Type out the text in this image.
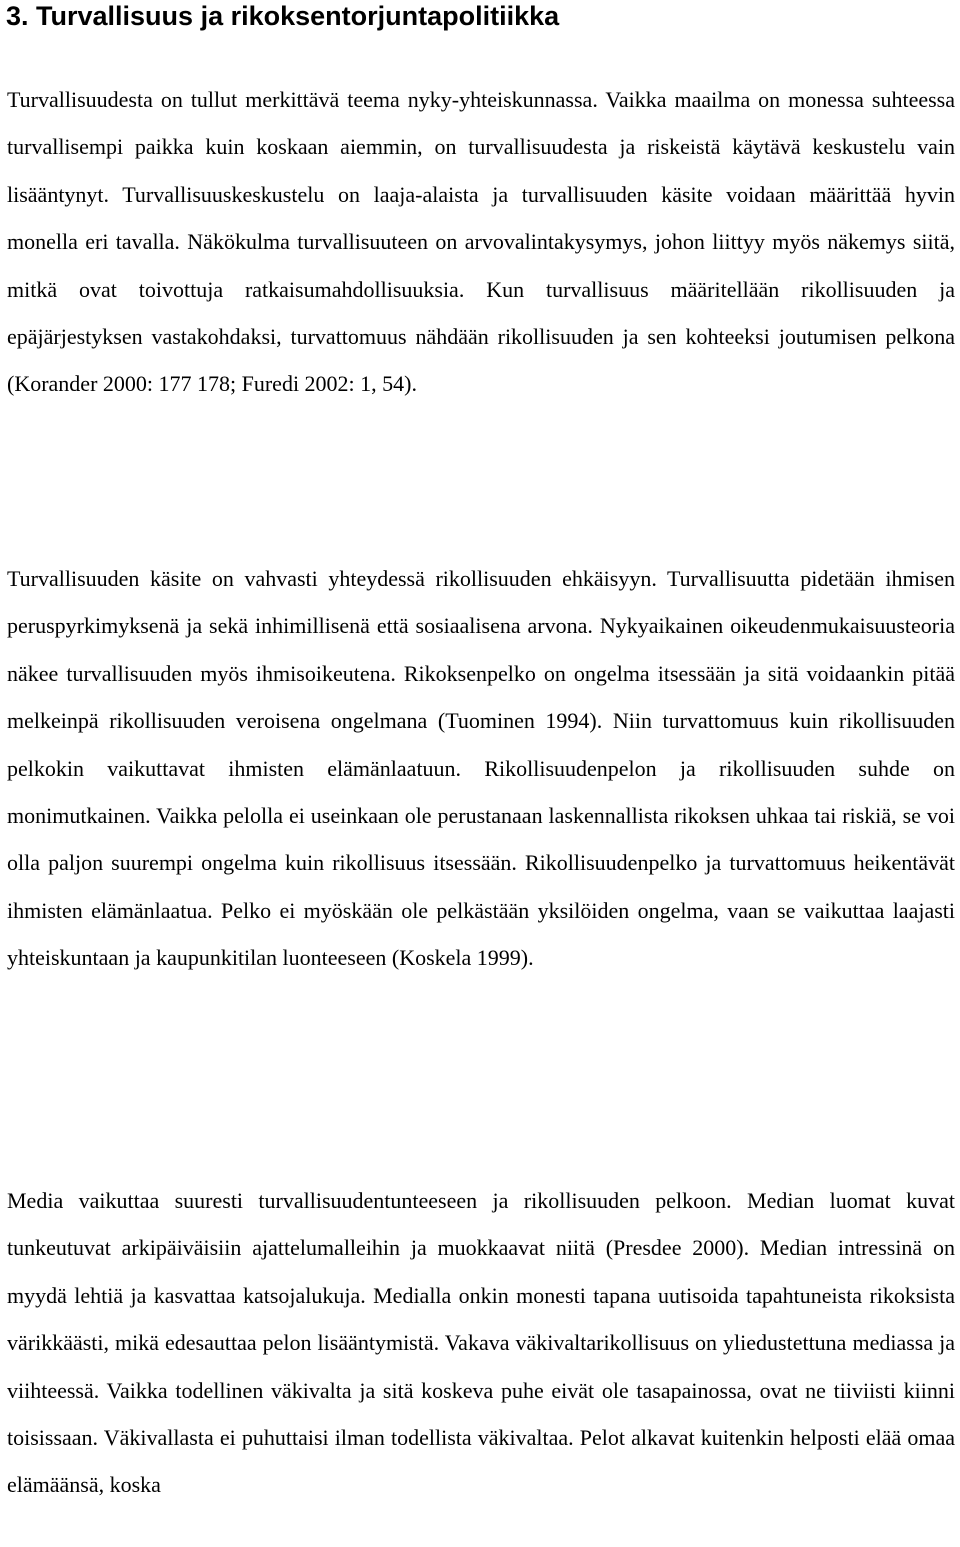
3. Turvallisuus ja rikoksentorjuntapolitiikka

Turvallisuudesta on tullut merkittävä teema nyky-yhteiskunnassa. Vaikka maailma on monessa suhteessa turvallisempi paikka kuin koskaan aiemmin, on turvallisuudesta ja riskeistä käytävä keskustelu vain lisääntynyt. Turvallisuuskeskustelu on laaja-alaista ja turvallisuuden käsite voidaan määrittää hyvin monella eri tavalla. Näkökulma turvallisuuteen on arvovalintakysymys, johon liittyy myös näkemys siitä, mitkä ovat toivottuja ratkaisumahdollisuuksia. Kun turvallisuus määritellään rikollisuuden ja epäjärjestyksen vastakohdaksi, turvattomuus nähdään rikollisuuden ja sen kohteeksi joutumisen pelkona (Korander 2000: 177 178; Furedi 2002: 1, 54).

Turvallisuuden käsite on vahvasti yhteydessä rikollisuuden ehkäisyyn. Turvallisuutta pidetään ihmisen peruspyrkimyksenä ja sekä inhimillisenä että sosiaalisena arvona. Nykyaikainen oikeudenmukaisuusteoria näkee turvallisuuden myös ihmisoikeutena. Rikoksenpelko on ongelma itsessään ja sitä voidaankin pitää melkeinpä rikollisuuden veroisena ongelmana (Tuominen 1994). Niin turvattomuus kuin rikollisuuden pelkokin vaikuttavat ihmisten elämänlaatuun. Rikollisuudenpelon ja rikollisuuden suhde on monimutkainen. Vaikka pelolla ei useinkaan ole perustanaan laskennallista rikoksen uhkaa tai riskiä, se voi olla paljon suurempi ongelma kuin rikollisuus itsessään. Rikollisuudenpelko ja turvattomuus heikentävät ihmisten elämänlaatua. Pelko ei myöskään ole pelkästään yksilöiden ongelma, vaan se vaikuttaa laajasti yhteiskuntaan ja kaupunkitilan luonteeseen (Koskela 1999).

Media vaikuttaa suuresti turvallisuudentunteeseen ja rikollisuuden pelkoon. Median luomat kuvat tunkeutuvat arkipäiväisiin ajattelumalleihin ja muokkaavat niitä (Presdee 2000). Median intressinä on myydä lehtiä ja kasvattaa katsojalukuja. Medialla onkin monesti tapana uutisoida tapahtuneista rikoksista värikkäästi, mikä edesauttaa pelon lisääntymistä. Vakava väkivaltarikollisuus on yliedustettuna mediassa ja viihteessä. Vaikka todellinen väkivalta ja sitä koskeva puhe eivät ole tasapainossa, ovat ne tiiviisti kiinni toisissaan. Väkivallasta ei puhuttaisi ilman todellista väkivaltaa. Pelot alkavat kuitenkin helposti elää omaa elämäänsä, koska
